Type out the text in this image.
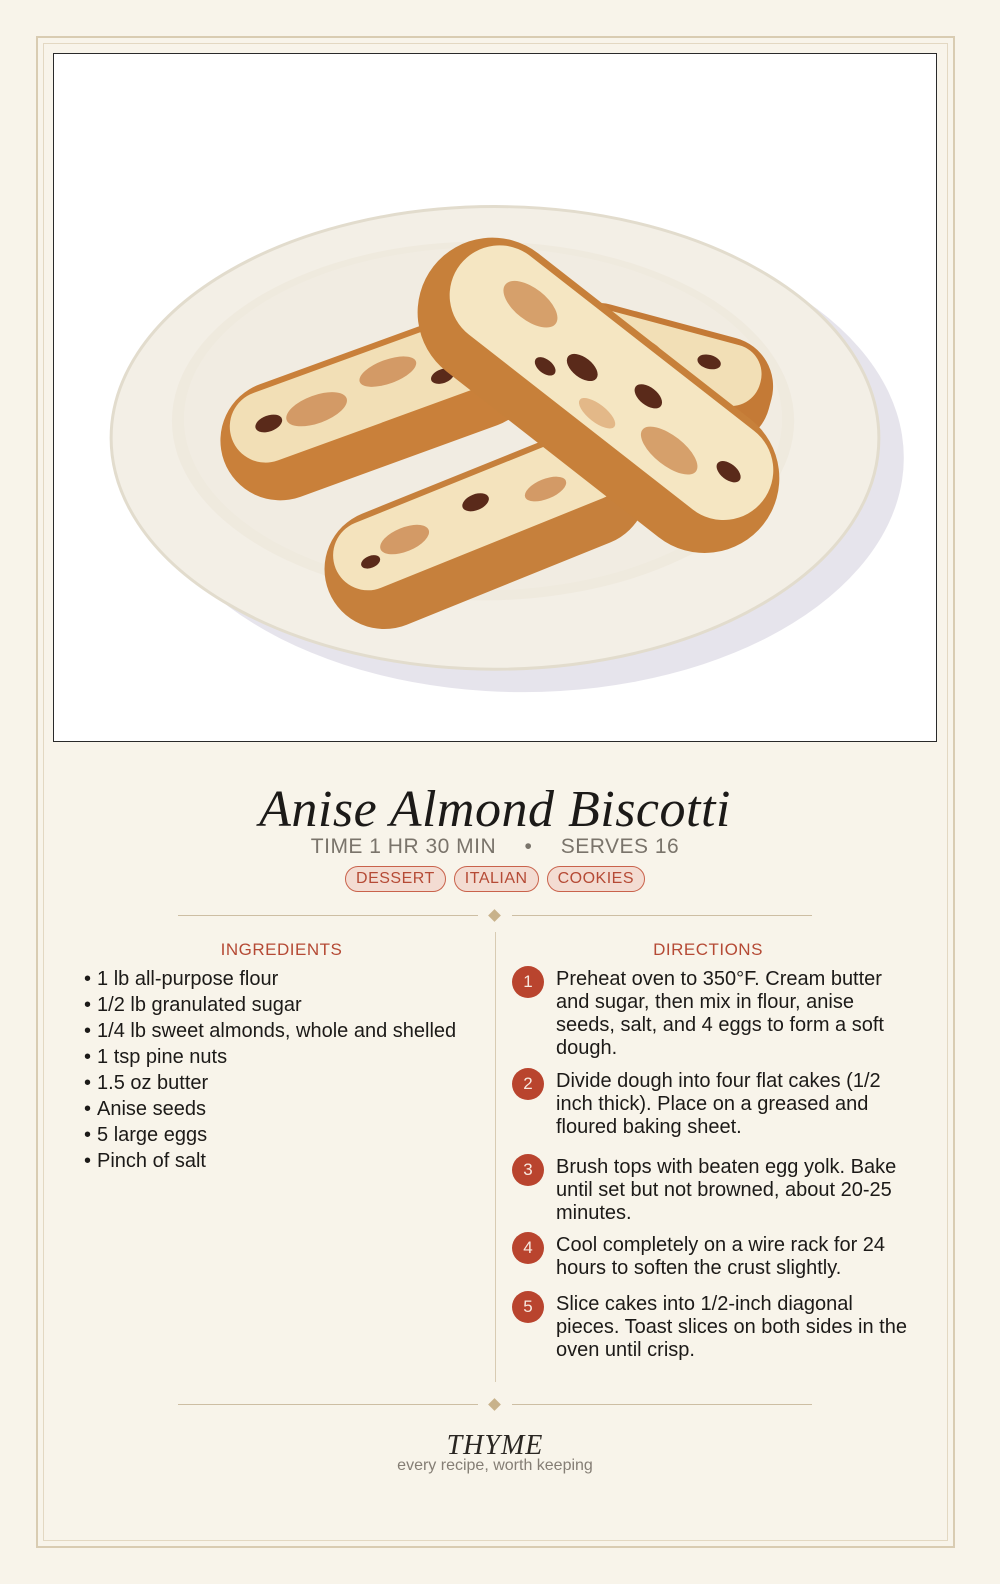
Anise Almond Biscotti
TIME 1 HR 30 MIN • SERVES 16
DESSERT	ITALIAN	COOKIES
INGREDIENTS	DIRECTIONS
• 1 lb all-purpose flour
• 1/2 lb granulated sugar
• 1/4 lb sweet almonds, whole and shelled
• 1 tsp pine nuts
• 1.5 oz butter
• Anise seeds
• 5 large eggs
• Pinch of salt
1	Preheat oven to 350°F. Cream butter and sugar, then mix in flour, anise seeds, salt, and 4 eggs to form a soft dough.
2	Divide dough into four flat cakes (1/2 inch thick). Place on a greased and floured baking sheet.
3	Brush tops with beaten egg yolk. Bake until set but not browned, about 20-25 minutes.
4	Cool completely on a wire rack for 24 hours to soften the crust slightly.
5	Slice cakes into 1/2-inch diagonal pieces. Toast slices on both sides in the oven until crisp.
THYME
every recipe, worth keeping
